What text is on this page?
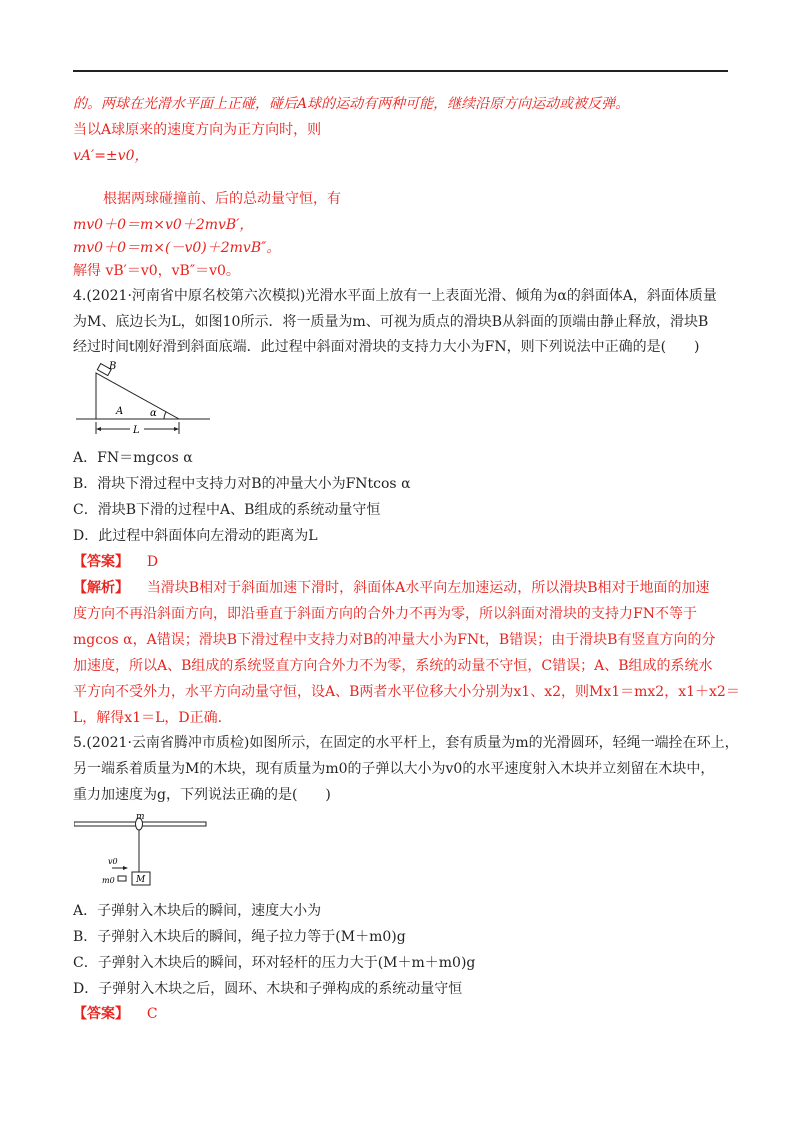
的。两球在光滑水平面上正碰，碰后A球的运动有两种可能，继续沿原方向运动或被反弹。
当以A球原来的速度方向为正方向时，则
vA′=±v0，
根据两球碰撞前、后的总动量守恒，有
mv0＋0＝m×v0＋2mvB′，
mv0＋0＝m×(－v0)＋2mvB″。
解得 vB′＝v0，vB″＝v0。
4.(2021·河南省中原名校第六次模拟)光滑水平面上放有一上表面光滑、倾角为α的斜面体A，斜面体质量
为M、底边长为L，如图10所示．将一质量为m、可视为质点的滑块B从斜面的顶端由静止释放，滑块B
经过时间t刚好滑到斜面底端．此过程中斜面对滑块的支持力大小为FN，则下列说法中正确的是(　　)
B
A	α
L
A．FN＝mgcos α
B．滑块下滑过程中支持力对B的冲量大小为FNtcos α
C．滑块B下滑的过程中A、B组成的系统动量守恒
D．此过程中斜面体向左滑动的距离为L
【答案】 D
【解析】 当滑块B相对于斜面加速下滑时，斜面体A水平向左加速运动，所以滑块B相对于地面的加速
度方向不再沿斜面方向，即沿垂直于斜面方向的合外力不再为零，所以斜面对滑块的支持力FN不等于
mgcos α，A错误；滑块B下滑过程中支持力对B的冲量大小为FNt，B错误；由于滑块B有竖直方向的分
加速度，所以A、B组成的系统竖直方向合外力不为零，系统的动量不守恒，C错误；A、B组成的系统水
平方向不受外力，水平方向动量守恒，设A、B两者水平位移大小分别为x1、x2，则Mx1＝mx2，x1＋x2＝
L，解得x1＝L，D正确.
5.(2021·云南省腾冲市质检)如图所示，在固定的水平杆上，套有质量为m的光滑圆环，轻绳一端拴在环上，
另一端系着质量为M的木块，现有质量为m0的子弹以大小为v0的水平速度射入木块并立刻留在木块中，
重力加速度为g，下列说法正确的是(　　)
m
v0
m0 M
A．子弹射入木块后的瞬间，速度大小为
B．子弹射入木块后的瞬间，绳子拉力等于(M＋m0)g
C．子弹射入木块后的瞬间，环对轻杆的压力大于(M＋m＋m0)g
D．子弹射入木块之后，圆环、木块和子弹构成的系统动量守恒
【答案】 C
